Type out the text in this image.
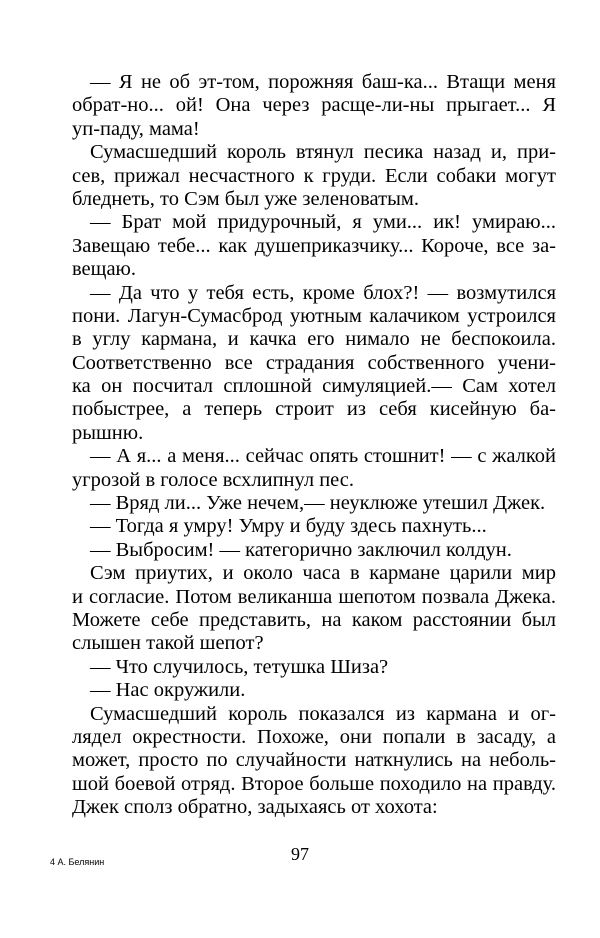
— Я не об эт-том, порожняя баш-ка... Втащи меня
обрат-но... ой! Она через расще-ли-ны прыгает... Я
уп-паду, мама!
Сумасшедший король втянул песика назад и, при-
сев, прижал несчастного к груди. Если собаки могут
бледнеть, то Сэм был уже зеленоватым.
— Брат мой придурочный, я уми... ик! умираю...
Завещаю тебе... как душеприказчику... Короче, все за-
вещаю.
— Да что у тебя есть, кроме блох?! — возмутился
пони. Лагун-Сумасброд уютным калачиком устроился
в углу кармана, и качка его нимало не беспокоила.
Соответственно все страдания собственного учени-
ка он посчитал сплошной симуляцией.— Сам хотел
побыстрее, а теперь строит из себя кисейную ба-
рышню.
— А я... а меня... сейчас опять стошнит! — с жалкой
угрозой в голосе всхлипнул пес.
— Вряд ли... Уже нечем,— неуклюже утешил Джек.
— Тогда я умру! Умру и буду здесь пахнуть...
— Выбросим! — категорично заключил колдун.
Сэм приутих, и около часа в кармане царили мир
и согласие. Потом великанша шепотом позвала Джека.
Можете себе представить, на каком расстоянии был
слышен такой шепот?
— Что случилось, тетушка Шиза?
— Нас окружили.
Сумасшедший король показался из кармана и ог-
лядел окрестности. Похоже, они попали в засаду, а
может, просто по случайности наткнулись на неболь-
шой боевой отряд. Второе больше походило на правду.
Джек сполз обратно, задыхаясь от хохота:
4 А. Белянин	97
